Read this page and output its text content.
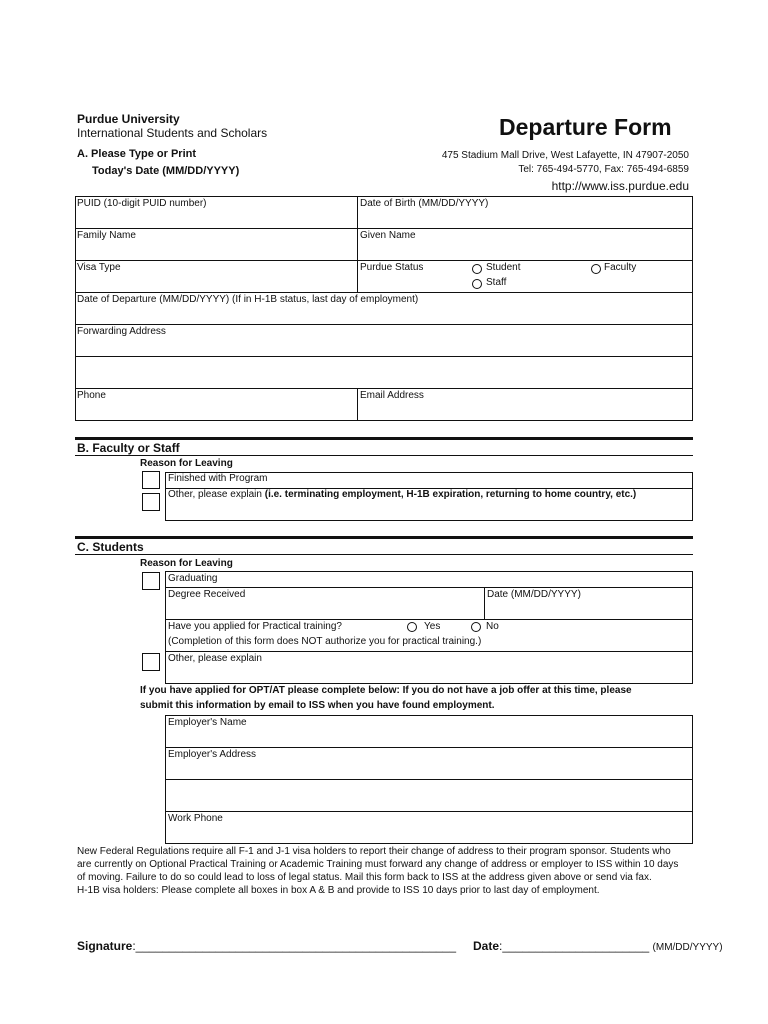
Purdue University
International Students and Scholars	Departure Form
A. Please Type or Print
Today's Date (MM/DD/YYYY)
475 Stadium Mall Drive, West Lafayette, IN 47907-2050
Tel: 765-494-5770, Fax: 765-494-6859
http://www.iss.purdue.edu
PUID (10-digit PUID number)	Date of Birth (MM/DD/YYYY)
Family Name	Given Name
Visa Type	Purdue Status	Student	Faculty
Staff
Date of Departure (MM/DD/YYYY) (If in H-1B status, last day of employment)
Forwarding Address
Phone	Email Address
B. Faculty or Staff
Reason for Leaving
Finished with Program
Other, please explain (i.e. terminating employment, H-1B expiration, returning to home country, etc.)
C. Students
Reason for Leaving
Graduating
Degree Received	Date (MM/DD/YYYY)
Have you applied for Practical training?	Yes	No
(Completion of this form does NOT authorize you for practical training.)
Other, please explain
If you have applied for OPT/AT please complete below: If you do not have a job offer at this time, please
submit this information by email to ISS when you have found employment.
Employer's Name
Employer's Address
Work Phone
New Federal Regulations require all F-1 and J-1 visa holders to report their change of address to their program sponsor. Students who
are currently on Optional Practical Training or Academic Training must forward any change of address or employer to ISS within 10 days
of moving. Failure to do so could lead to loss of legal status. Mail this form back to ISS at the address given above or send via fax.
H-1B visa holders: Please complete all boxes in box A & B and provide to ISS 10 days prior to last day of employment.
Signature:________________________________________________ Date:______________________ (MM/DD/YYYY)
